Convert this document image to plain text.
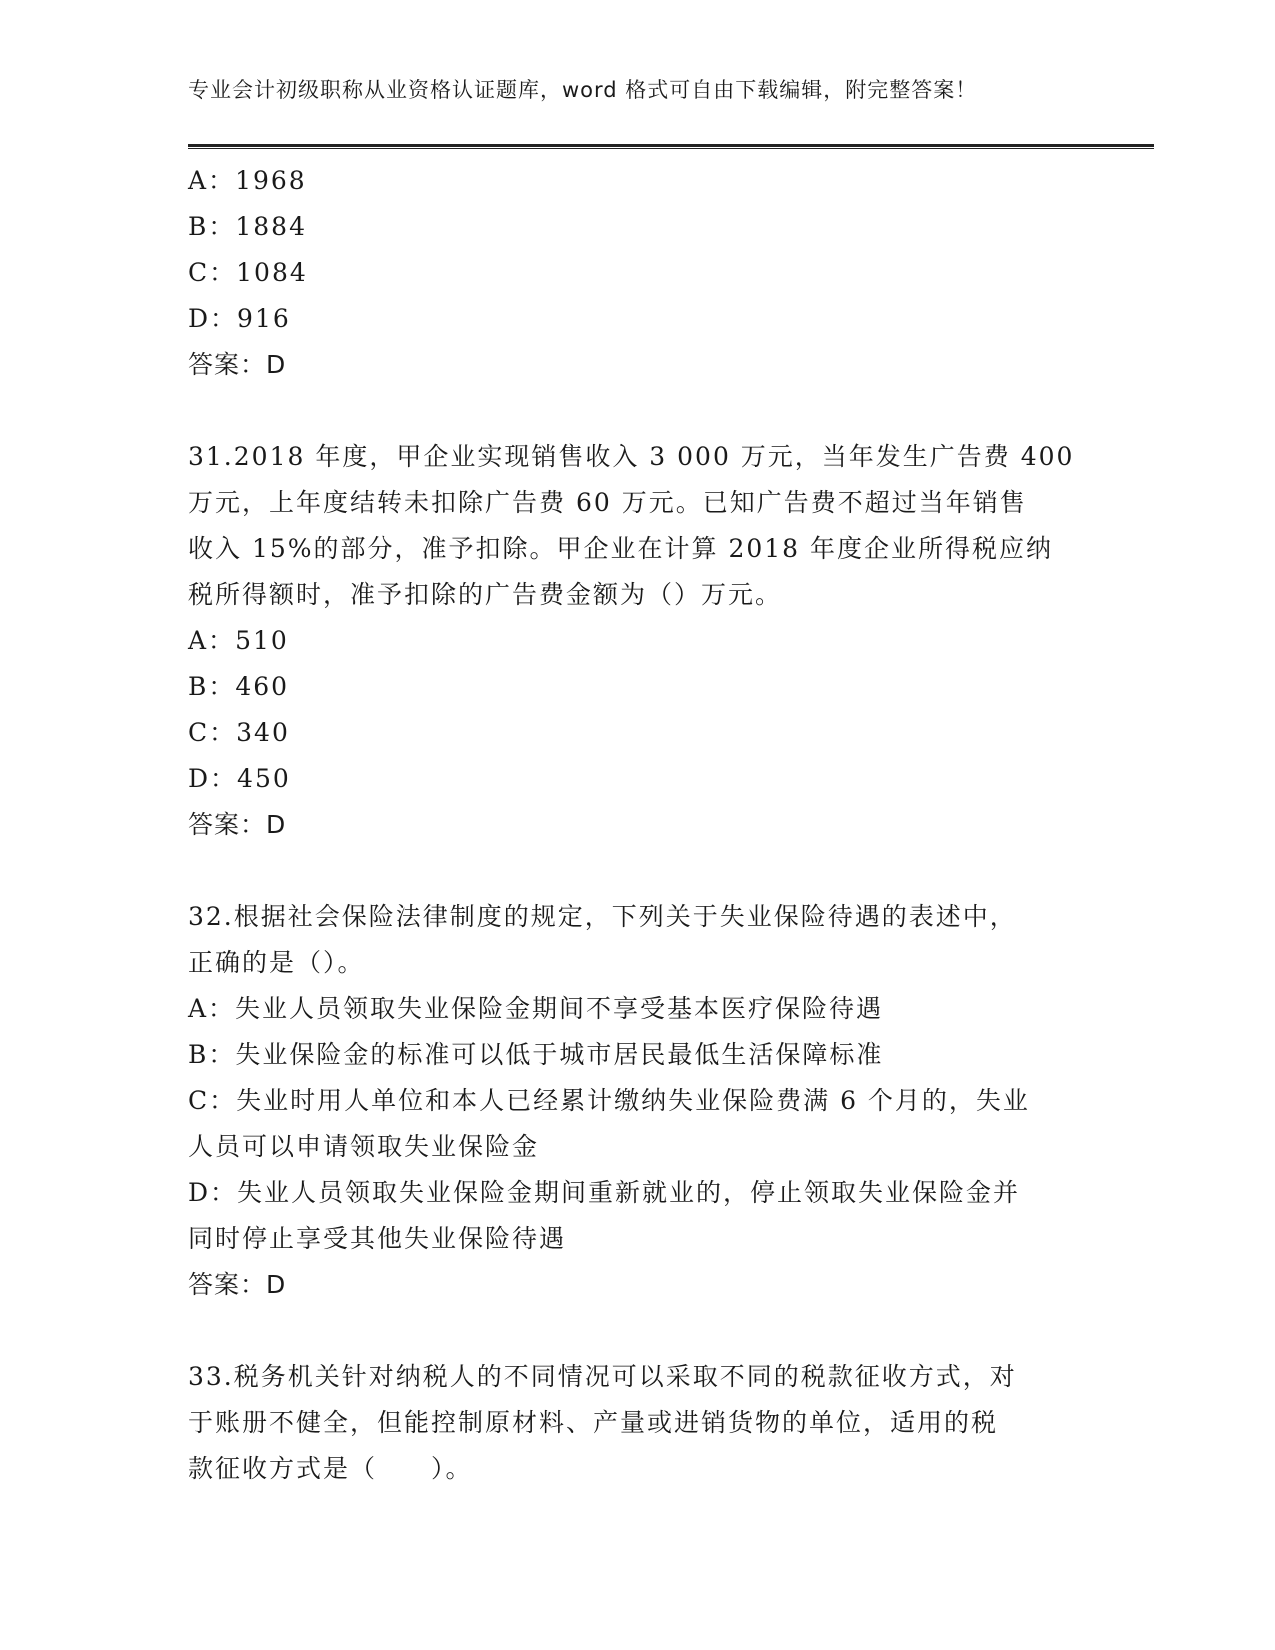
专业会计初级职称从业资格认证题库，word 格式可自由下载编辑，附完整答案！
A：1968
B：1884
C：1084
D：916
答案：D
31.2018 年度，甲企业实现销售收入 3 000 万元，当年发生广告费 400
万元，上年度结转未扣除广告费 60 万元。已知广告费不超过当年销售
收入 15%的部分，准予扣除。甲企业在计算 2018 年度企业所得税应纳
税所得额时，准予扣除的广告费金额为（）万元。
A：510
B：460
C：340
D：450
答案：D
32.根据社会保险法律制度的规定，下列关于失业保险待遇的表述中，
正确的是（）。
A：失业人员领取失业保险金期间不享受基本医疗保险待遇
B：失业保险金的标准可以低于城市居民最低生活保障标准
C：失业时用人单位和本人已经累计缴纳失业保险费满 6 个月的，失业
人员可以申请领取失业保险金
D：失业人员领取失业保险金期间重新就业的，停止领取失业保险金并
同时停止享受其他失业保险待遇
答案：D
33.税务机关针对纳税人的不同情况可以采取不同的税款征收方式，对
于账册不健全，但能控制原材料、产量或进销货物的单位，适用的税
款征收方式是（　　）。
